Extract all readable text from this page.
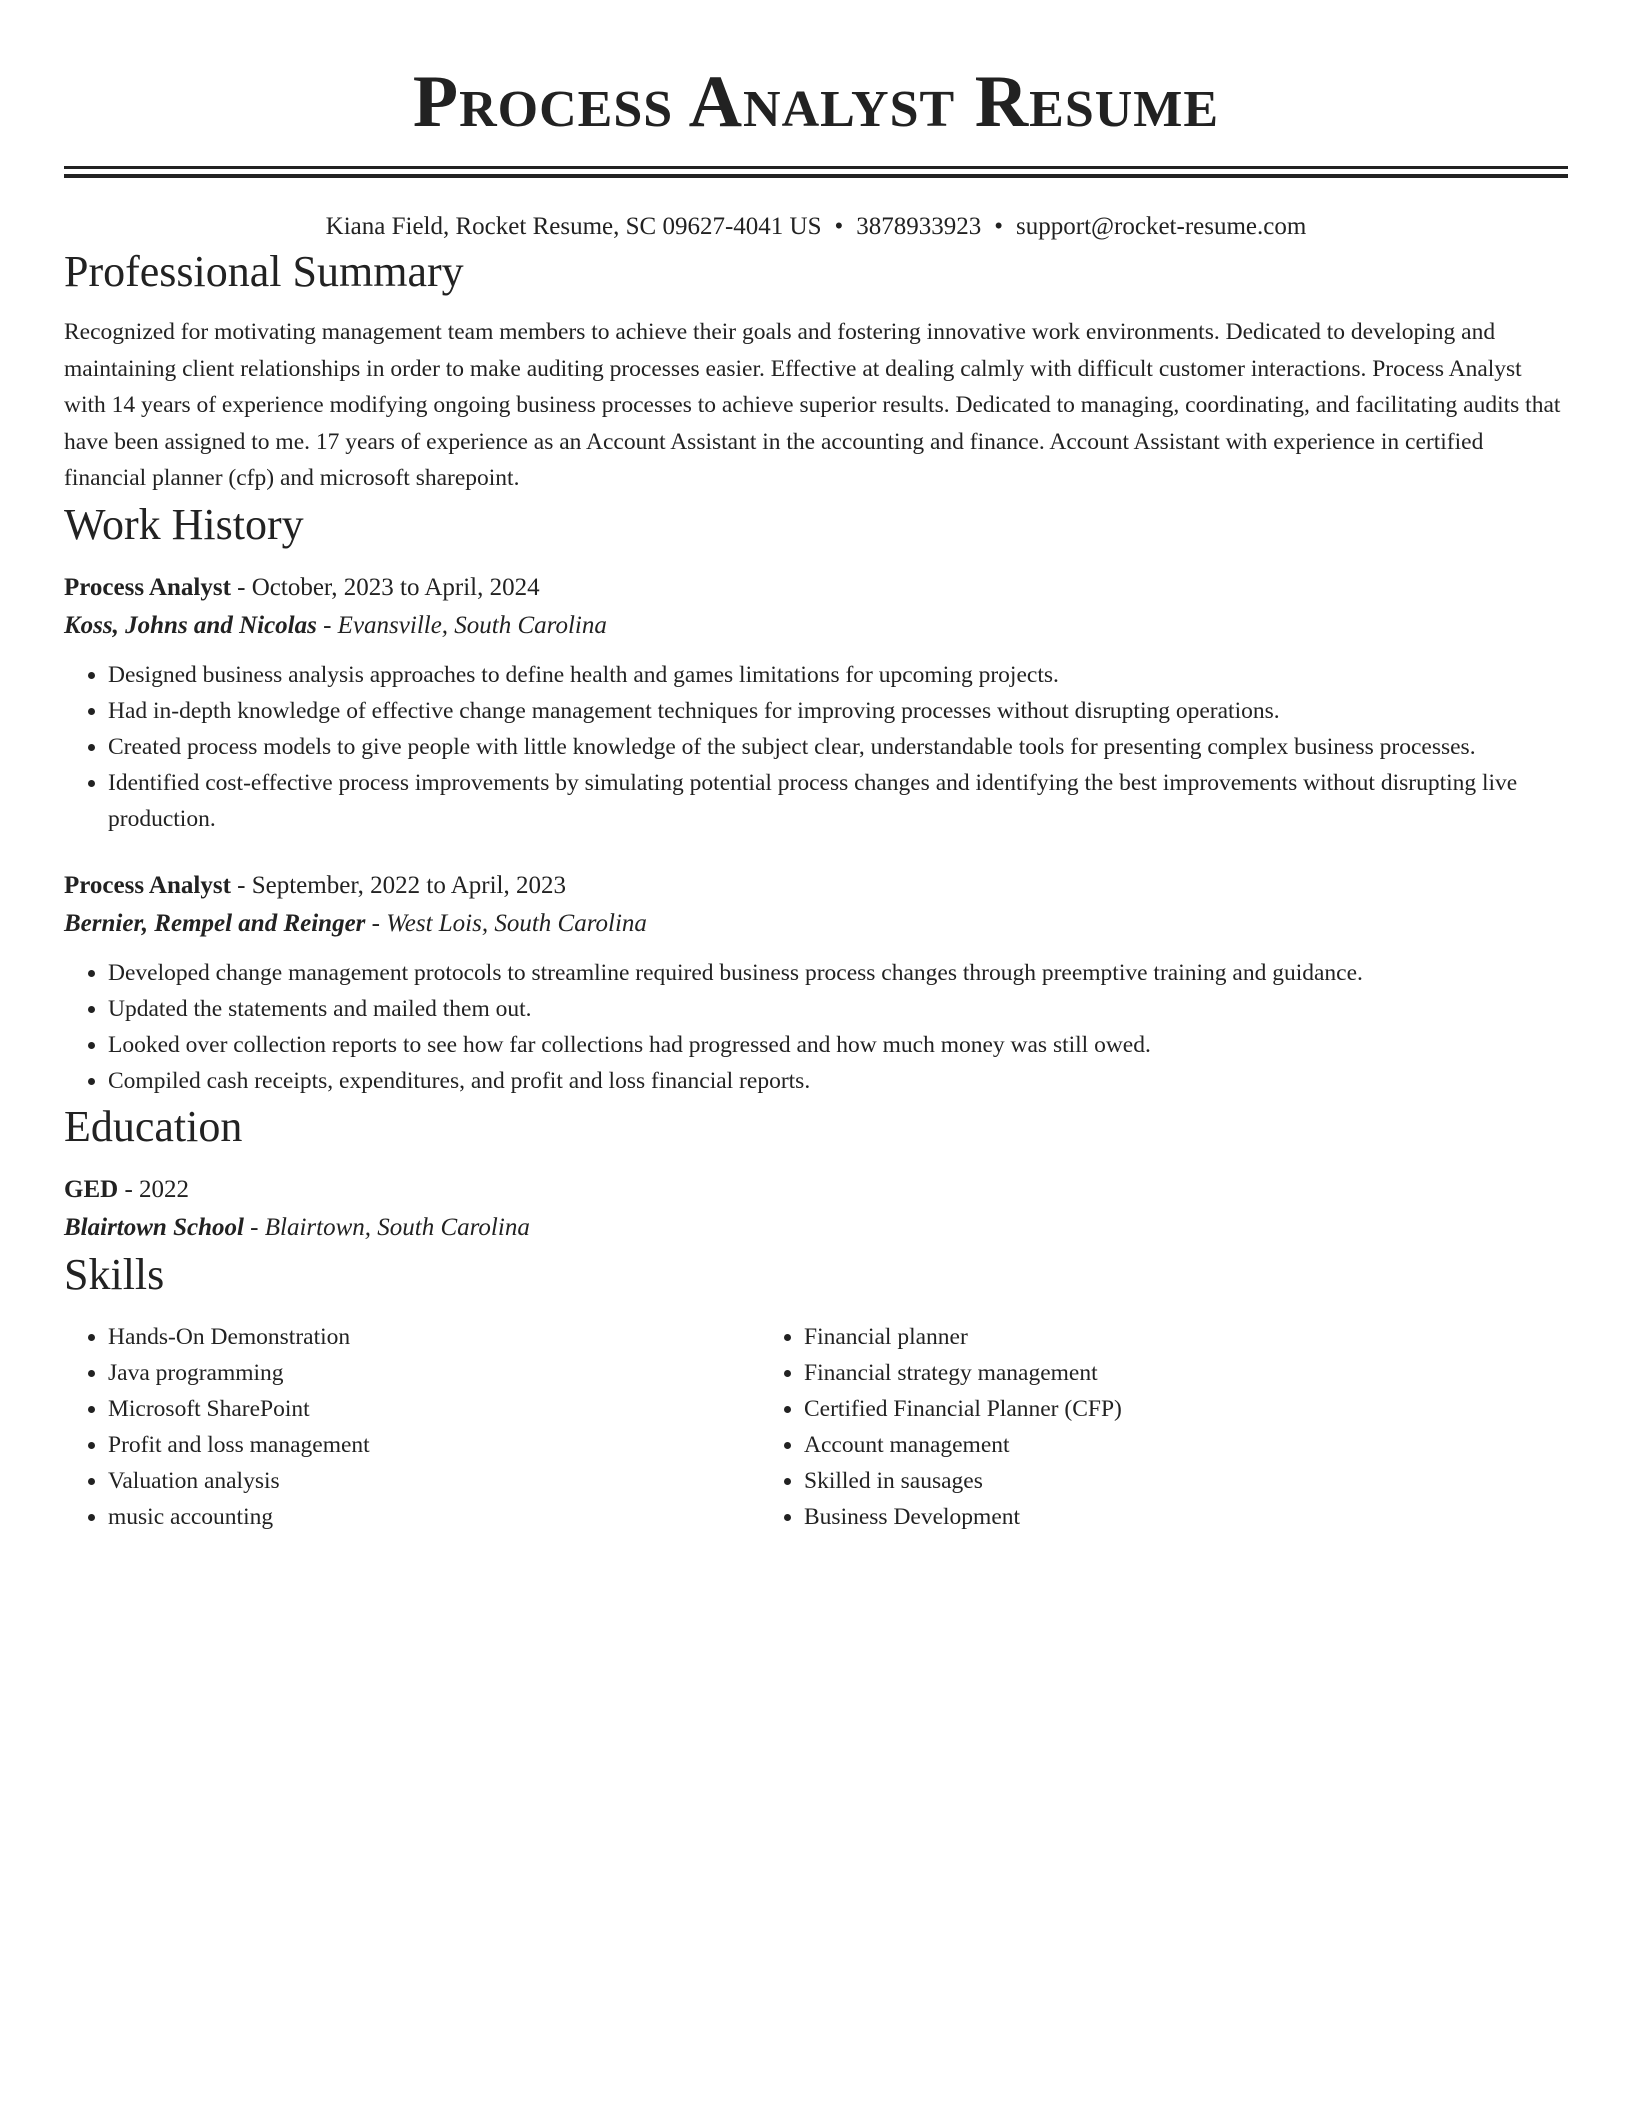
Process Analyst Resume
Kiana Field, Rocket Resume, SC 09627-4041 US • 3878933923 • support@rocket-resume.com
Professional Summary

Recognized for motivating management team members to achieve their goals and fostering innovative work environments. Dedicated to developing and maintaining client relationships in order to make auditing processes easier. Effective at dealing calmly with difficult customer interactions. Process Analyst with 14 years of experience modifying ongoing business processes to achieve superior results. Dedicated to managing, coordinating, and facilitating audits that have been assigned to me. 17 years of experience as an Account Assistant in the accounting and finance. Account Assistant with experience in certified financial planner (cfp) and microsoft sharepoint.

Work History
Process Analyst - October, 2023 to April, 2024
Koss, Johns and Nicolas - Evansville, South Carolina
• Designed business analysis approaches to define health and games limitations for upcoming projects.
• Had in-depth knowledge of effective change management techniques for improving processes without disrupting operations.
• Created process models to give people with little knowledge of the subject clear, understandable tools for presenting complex business processes.
• Identified cost-effective process improvements by simulating potential process changes and identifying the best improvements without disrupting live production.
Process Analyst - September, 2022 to April, 2023
Bernier, Rempel and Reinger - West Lois, South Carolina
• Developed change management protocols to streamline required business process changes through preemptive training and guidance.
• Updated the statements and mailed them out.
• Looked over collection reports to see how far collections had progressed and how much money was still owed.
• Compiled cash receipts, expenditures, and profit and loss financial reports.
Education
GED - 2022
Blairtown School - Blairtown, South Carolina
Skills
• Hands-On Demonstration
• Java programming
• Microsoft SharePoint
• Profit and loss management
• Valuation analysis
• music accounting
• Financial planner
• Financial strategy management
• Certified Financial Planner (CFP)
• Account management
• Skilled in sausages
• Business Development
